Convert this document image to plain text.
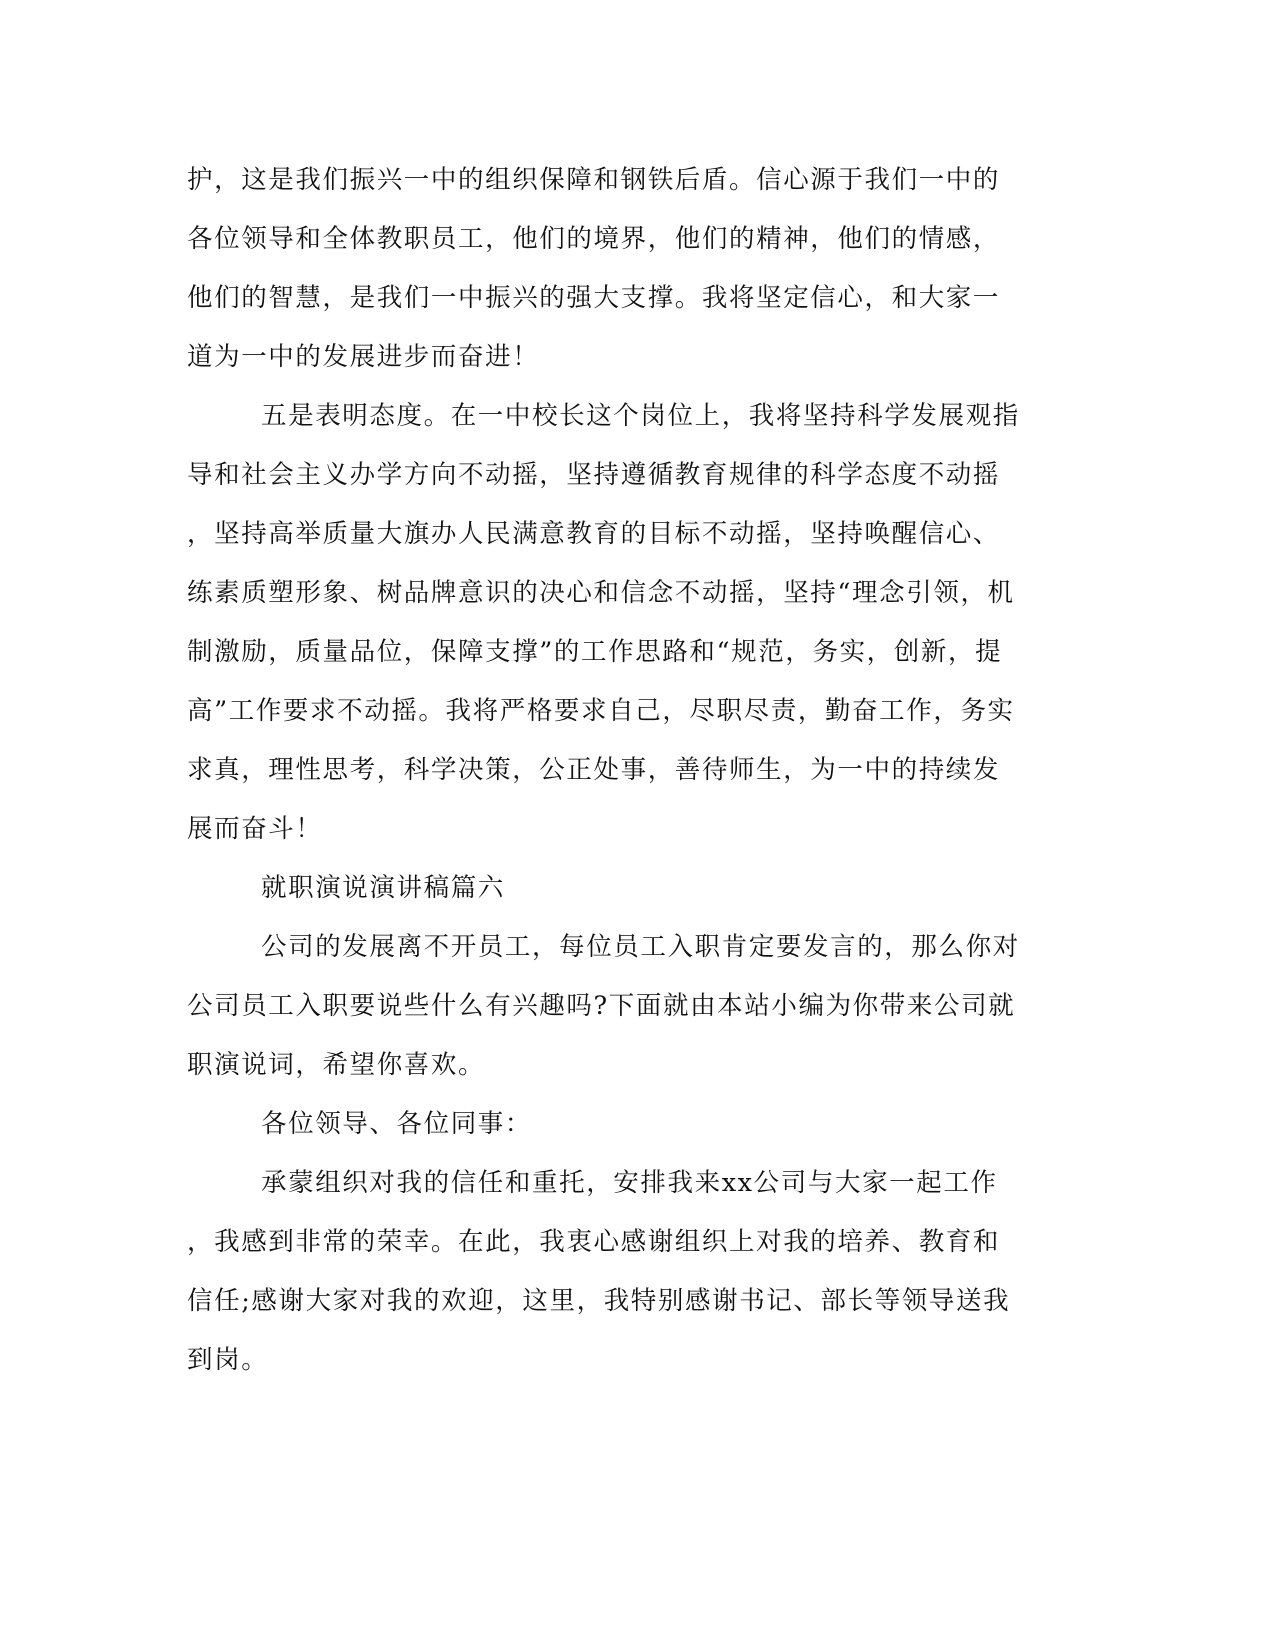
护，这是我们振兴一中的组织保障和钢铁后盾。信心源于我们一中的
各位领导和全体教职员工，他们的境界，他们的精神，他们的情感，
他们的智慧，是我们一中振兴的强大支撑。我将坚定信心，和大家一
道为一中的发展进步而奋进！
五是表明态度。在一中校长这个岗位上，我将坚持科学发展观指
导和社会主义办学方向不动摇，坚持遵循教育规律的科学态度不动摇
，坚持高举质量大旗办人民满意教育的目标不动摇，坚持唤醒信心、
练素质塑形象、树品牌意识的决心和信念不动摇，坚持“理念引领，机
制激励，质量品位，保障支撑”的工作思路和“规范，务实，创新，提
高”工作要求不动摇。我将严格要求自己，尽职尽责，勤奋工作，务实
求真，理性思考，科学决策，公正处事，善待师生，为一中的持续发
展而奋斗！
就职演说演讲稿篇六
公司的发展离不开员工，每位员工入职肯定要发言的，那么你对
公司员工入职要说些什么有兴趣吗?下面就由本站小编为你带来公司就
职演说词，希望你喜欢。
各位领导、各位同事：
承蒙组织对我的信任和重托，安排我来xx公司与大家一起工作
，我感到非常的荣幸。在此，我衷心感谢组织上对我的培养、教育和
信任;感谢大家对我的欢迎，这里，我特别感谢书记、部长等领导送我
到岗。
